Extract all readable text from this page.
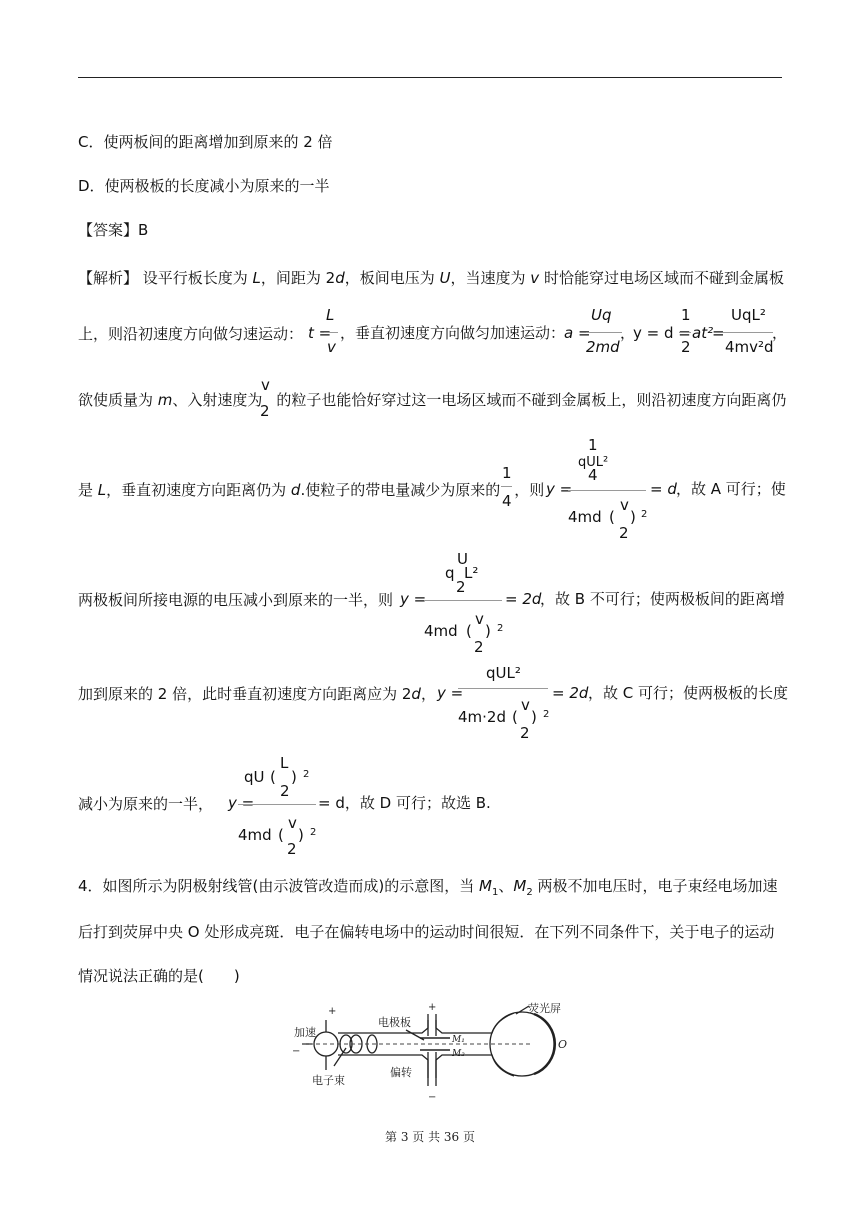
C．使两板间的距离增加到原来的 2 倍
D．使两极板的长度减小为原来的一半
【答案】B
【解析】 设平行板长度为 L，间距为 2d，板间电压为 U，当速度为 v 时恰能穿过电场区域而不碰到金属板
上，则沿初速度方向做匀速运动： t =
L
v
，垂直初速度方向做匀加速运动：
a =
Uq
2md
，
y = d =
1
2
at²
=
UqL²
4mv²d
，
欲使质量为 m、入射速度为 的粒子也能恰好穿过这一电场区域而不碰到金属板上，则沿初速度方向距离仍
v
2
是 L，垂直初速度方向距离仍为 d.使粒子的带电量减少为原来的 ，则
1
4
y =
1
4
qUL²
4md (
v
2
) 2
= d ，故 A 可行；使
两极板间所接电源的电压减小到原来的一半，则 y =
U
q L²
2
4md (
v
2
) 2
= 2d
，故 B 不可行；使两极板间的距离增
加到原来的 2 倍，此时垂直初速度方向距离应为 2d， y =
qUL²
4m·2d (
v
2
) 2
= 2d ，故 C 可行；使两极板的长度
减小为原来的一半， y =
qU (
L
2
) 2
4md (
v
2
) 2
= d，故 D 可行；故选 B.
4．如图所示为阴极射线管(由示波管改造而成)的示意图，当 $M_1$、$M_2$ 两极不加电压时，电子束经电场加速
后打到荧屏中央 O 处形成亮斑．电子在偏转电场中的运动时间很短．在下列不同条件下，关于电子的运动
情况说法正确的是(　　)
加速
电子束
电极板
偏转
荧光屏
O
M₁
M₂
+
−
+
−
第 3 页 共 36 页
